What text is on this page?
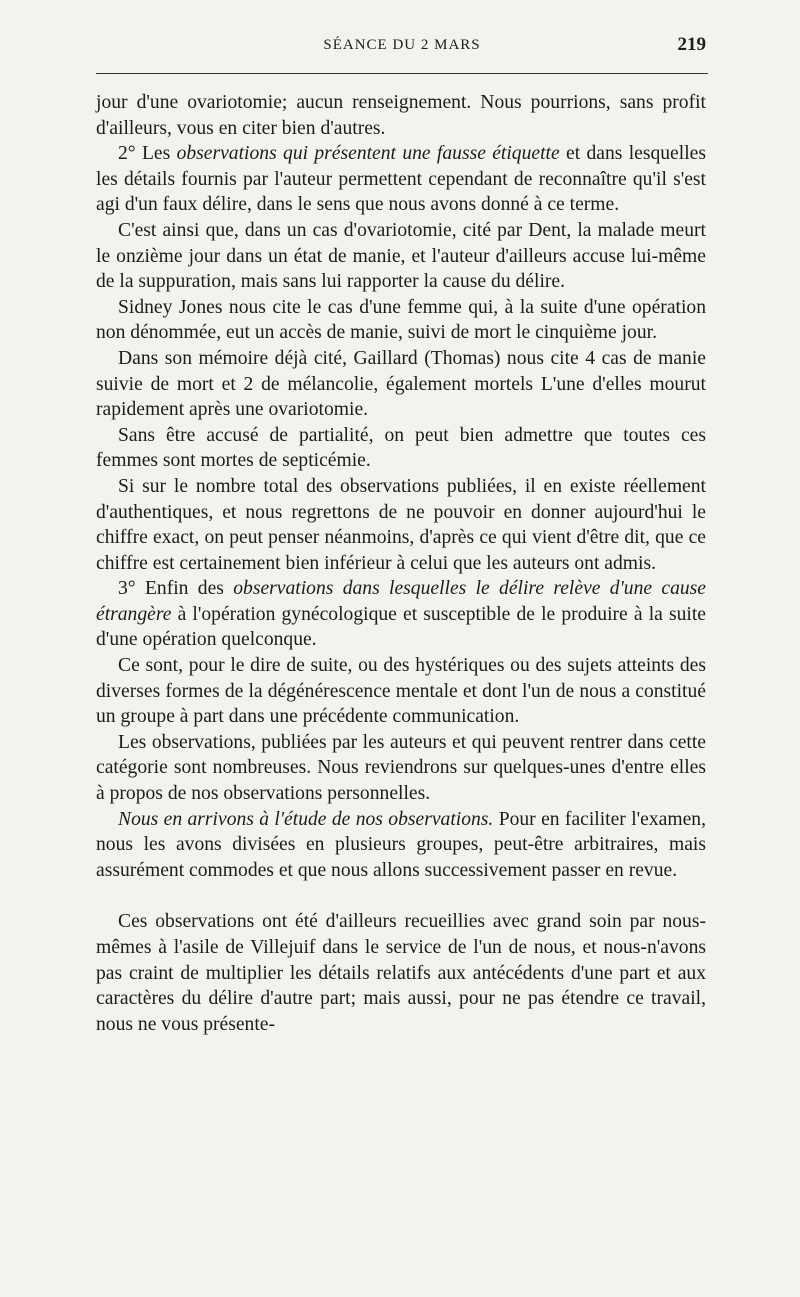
SÉANCE DU 2 MARS	219

jour d'une ovariotomie; aucun renseignement. Nous pourrions, sans profit d'ailleurs, vous en citer bien d'autres.

2° Les observations qui présentent une fausse étiquette et dans lesquelles les détails fournis par l'auteur permettent cependant de reconnaître qu'il s'est agi d'un faux délire, dans le sens que nous avons donné à ce terme.

C'est ainsi que, dans un cas d'ovariotomie, cité par Dent, la malade meurt le onzième jour dans un état de manie, et l'auteur d'ailleurs accuse lui-même de la suppuration, mais sans lui rapporter la cause du délire.

Sidney Jones nous cite le cas d'une femme qui, à la suite d'une opération non dénommée, eut un accès de manie, suivi de mort le cinquième jour.

Dans son mémoire déjà cité, Gaillard (Thomas) nous cite 4 cas de manie suivie de mort et 2 de mélancolie, également mortels L'une d'elles mourut rapidement après une ovariotomie.

Sans être accusé de partialité, on peut bien admettre que toutes ces femmes sont mortes de septicémie.

Si sur le nombre total des observations publiées, il en existe réellement d'authentiques, et nous regrettons de ne pouvoir en donner aujourd'hui le chiffre exact, on peut penser néanmoins, d'après ce qui vient d'être dit, que ce chiffre est certainement bien inférieur à celui que les auteurs ont admis.

3° Enfin des observations dans lesquelles le délire relève d'une cause étrangère à l'opération gynécologique et susceptible de le produire à la suite d'une opération quelconque.

Ce sont, pour le dire de suite, ou des hystériques ou des sujets atteints des diverses formes de la dégénérescence mentale et dont l'un de nous a constitué un groupe à part dans une précédente communication.

Les observations, publiées par les auteurs et qui peuvent rentrer dans cette catégorie sont nombreuses. Nous reviendrons sur quelques-unes d'entre elles à propos de nos observations personnelles.

Nous en arrivons à l'étude de nos observations. Pour en faciliter l'examen, nous les avons divisées en plusieurs groupes, peut-être arbitraires, mais assurément commodes et que nous allons successivement passer en revue.

Ces observations ont été d'ailleurs recueillies avec grand soin par nous-mêmes à l'asile de Villejuif dans le service de l'un de nous, et nous-n'avons pas craint de multiplier les détails relatifs aux antécédents d'une part et aux caractères du délire d'autre part; mais aussi, pour ne pas étendre ce travail, nous ne vous présente-
